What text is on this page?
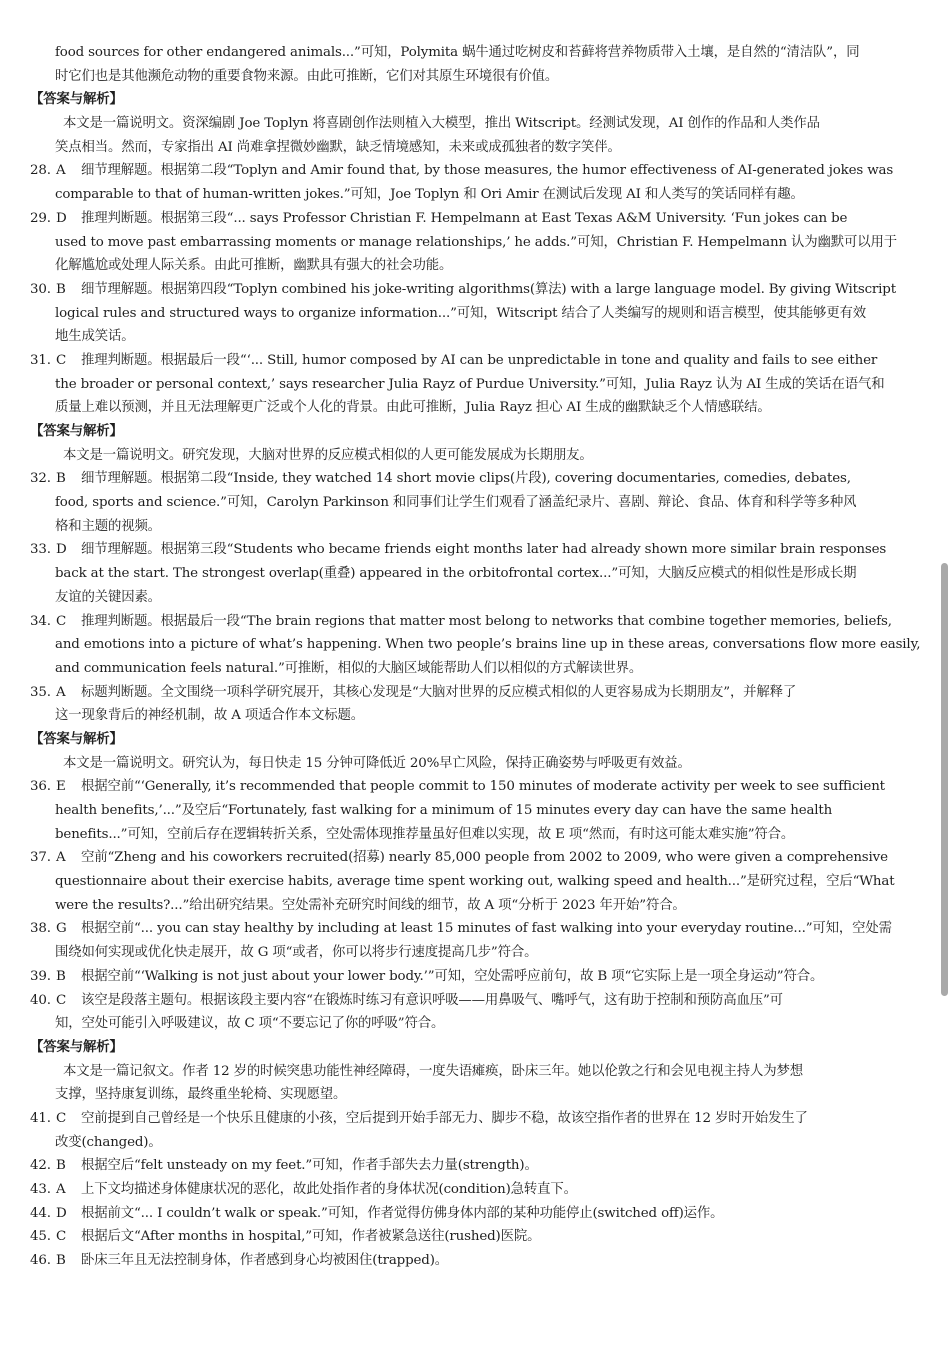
food sources for other endangered animals...”可知，Polymita 蜗牛通过吃树皮和苔藓将营养物质带入土壤，是自然的“清洁队”，同
时它们也是其他濒危动物的重要食物来源。由此可推断，它们对其原生环境很有价值。
【答案与解析】
本文是一篇说明文。资深编剧 Joe Toplyn 将喜剧创作法则植入大模型，推出 Witscript。经测试发现，AI 创作的作品和人类作品
笑点相当。然而，专家指出 AI 尚难拿捏微妙幽默，缺乏情境感知，未来或成孤独者的数字笑伴。
28. A 细节理解题。根据第二段“Toplyn and Amir found that, by those measures, the humor effectiveness of AI-generated jokes was
comparable to that of human-written jokes.”可知，Joe Toplyn 和 Ori Amir 在测试后发现 AI 和人类写的笑话同样有趣。
29. D 推理判断题。根据第三段“... says Professor Christian F. Hempelmann at East Texas A&M University. ‘Fun jokes can be
used to move past embarrassing moments or manage relationships,’ he adds.”可知，Christian F. Hempelmann 认为幽默可以用于
化解尴尬或处理人际关系。由此可推断，幽默具有强大的社会功能。
30. B 细节理解题。根据第四段“Toplyn combined his joke-writing algorithms(算法) with a large language model. By giving Witscript
logical rules and structured ways to organize information...”可知，Witscript 结合了人类编写的规则和语言模型，使其能够更有效
地生成笑话。
31. C 推理判断题。根据最后一段“‘... Still, humor composed by AI can be unpredictable in tone and quality and fails to see either
the broader or personal context,’ says researcher Julia Rayz of Purdue University.”可知，Julia Rayz 认为 AI 生成的笑话在语气和
质量上难以预测，并且无法理解更广泛或个人化的背景。由此可推断，Julia Rayz 担心 AI 生成的幽默缺乏个人情感联结。
【答案与解析】
本文是一篇说明文。研究发现，大脑对世界的反应模式相似的人更可能发展成为长期朋友。
32. B 细节理解题。根据第二段“Inside, they watched 14 short movie clips(片段), covering documentaries, comedies, debates,
food, sports and science.”可知，Carolyn Parkinson 和同事们让学生们观看了涵盖纪录片、喜剧、辩论、食品、体育和科学等多种风
格和主题的视频。
33. D 细节理解题。根据第三段“Students who became friends eight months later had already shown more similar brain responses
back at the start. The strongest overlap(重叠) appeared in the orbitofrontal cortex...”可知，大脑反应模式的相似性是形成长期
友谊的关键因素。
34. C 推理判断题。根据最后一段“The brain regions that matter most belong to networks that combine together memories, beliefs,
and emotions into a picture of what’s happening. When two people’s brains line up in these areas, conversations flow more easily,
and communication feels natural.”可推断，相似的大脑区域能帮助人们以相似的方式解读世界。
35. A 标题判断题。全文围绕一项科学研究展开，其核心发现是“大脑对世界的反应模式相似的人更容易成为长期朋友”，并解释了
这一现象背后的神经机制，故 A 项适合作本文标题。
【答案与解析】
本文是一篇说明文。研究认为，每日快走 15 分钟可降低近 20%早亡风险，保持正确姿势与呼吸更有效益。
36. E 根据空前“‘Generally, it’s recommended that people commit to 150 minutes of moderate activity per week to see sufficient
health benefits,’...”及空后“Fortunately, fast walking for a minimum of 15 minutes every day can have the same health
benefits...”可知，空前后存在逻辑转折关系，空处需体现推荐量虽好但难以实现，故 E 项“然而，有时这可能太难实施”符合。
37. A 空前“Zheng and his coworkers recruited(招募) nearly 85,000 people from 2002 to 2009, who were given a comprehensive
questionnaire about their exercise habits, average time spent working out, walking speed and health...”是研究过程，空后“What
were the results?...”给出研究结果。空处需补充研究时间线的细节，故 A 项“分析于 2023 年开始”符合。
38. G 根据空前“... you can stay healthy by including at least 15 minutes of fast walking into your everyday routine...”可知，空处需
围绕如何实现或优化快走展开，故 G 项“或者，你可以将步行速度提高几步”符合。
39. B 根据空前“‘Walking is not just about your lower body.’”可知，空处需呼应前句，故 B 项“它实际上是一项全身运动”符合。
40. C 该空是段落主题句。根据该段主要内容“在锻炼时练习有意识呼吸——用鼻吸气、嘴呼气，这有助于控制和预防高血压”可
知，空处可能引入呼吸建议，故 C 项“不要忘记了你的呼吸”符合。
【答案与解析】
本文是一篇记叙文。作者 12 岁的时候突患功能性神经障碍，一度失语瘫痪，卧床三年。她以伦敦之行和会见电视主持人为梦想
支撑，坚持康复训练，最终重坐轮椅、实现愿望。
41. C 空前提到自己曾经是一个快乐且健康的小孩，空后提到开始手部无力、脚步不稳，故该空指作者的世界在 12 岁时开始发生了
改变(changed)。
42. B 根据空后“felt unsteady on my feet.”可知，作者手部失去力量(strength)。
43. A 上下文均描述身体健康状况的恶化，故此处指作者的身体状况(condition)急转直下。
44. D 根据前文“... I couldn’t walk or speak.”可知，作者觉得仿佛身体内部的某种功能停止(switched off)运作。
45. C 根据后文“After months in hospital,”可知，作者被紧急送往(rushed)医院。
46. B 卧床三年且无法控制身体，作者感到身心均被困住(trapped)。
